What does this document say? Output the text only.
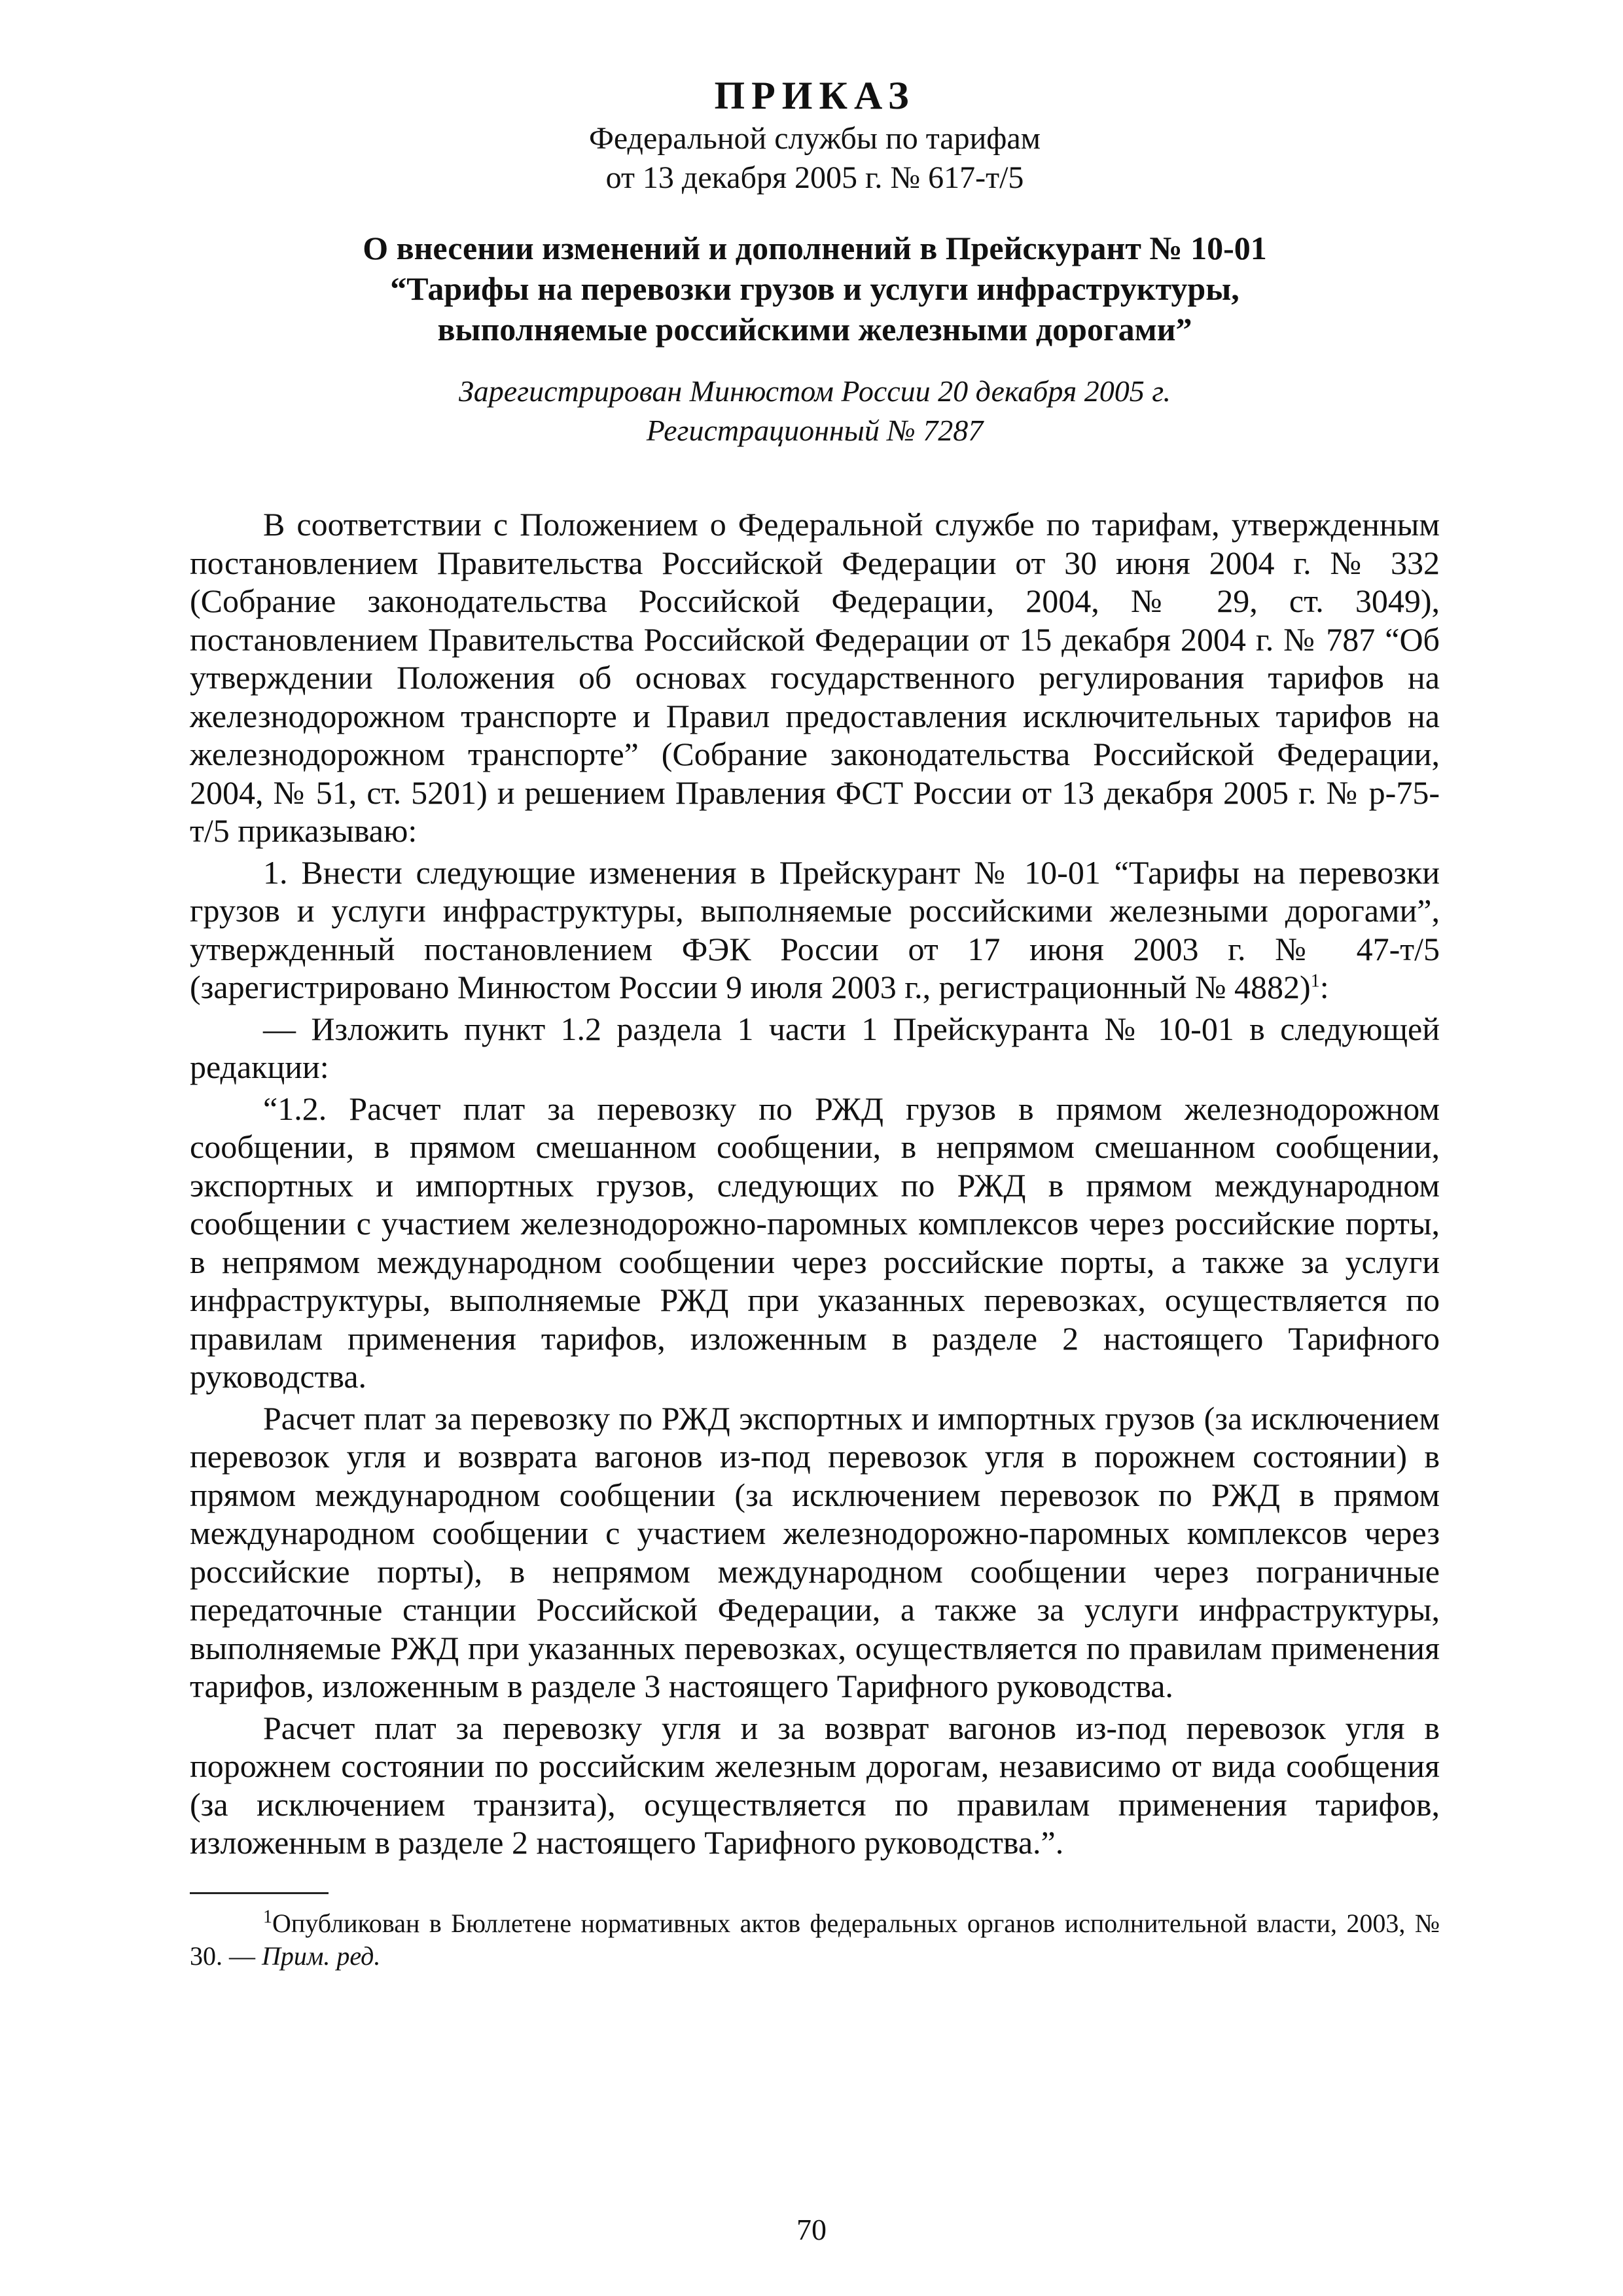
ПРИКАЗ

Федеральной службы по тарифам

от 13 декабря 2005 г. № 617-т/5

О внесении изменений и дополнений в Прейскурант № 10-01
“Тарифы на перевозки грузов и услуги инфраструктуры,
выполняемые российскими железными дорогами”
Зарегистрирован Минюстом России 20 декабря 2005 г.
Регистрационный № 7287

В соответствии с Положением о Федеральной службе по тарифам, утвержденным постановлением Правительства Российской Федерации от 30 июня 2004 г. № 332 (Собрание законодательства Российской Федерации, 2004, № 29, ст. 3049), постановлением Правительства Российской Федерации от 15 декабря 2004 г. № 787 “Об утверждении Положения об основах государственного регулирования тарифов на железнодорожном транспорте и Правил предоставления исключительных тарифов на железнодорожном транспорте” (Собрание законодательства Российской Федерации, 2004, № 51, ст. 5201) и решением Правления ФСТ России от 13 декабря 2005 г. № р-75-т/5 приказываю:

1. Внести следующие изменения в Прейскурант № 10-01 “Тарифы на перевозки грузов и услуги инфраструктуры, выполняемые российскими железными дорогами”, утвержденный постановлением ФЭК России от 17 июня 2003 г. № 47-т/5 (зарегистрировано Минюстом России 9 июля 2003 г., регистрационный № 4882)$^1$:

— Изложить пункт 1.2 раздела 1 части 1 Прейскуранта № 10-01 в следующей редакции:

“1.2. Расчет плат за перевозку по РЖД грузов в прямом железнодорожном сообщении, в прямом смешанном сообщении, в непрямом смешанном сообщении, экспортных и импортных грузов, следующих по РЖД в прямом международном сообщении с участием железнодорожно-паромных комплексов через российские порты, в непрямом международном сообщении через российские порты, а также за услуги инфраструктуры, выполняемые РЖД при указанных перевозках, осуществляется по правилам применения тарифов, изложенным в разделе 2 настоящего Тарифного руководства.

Расчет плат за перевозку по РЖД экспортных и импортных грузов (за исключением перевозок угля и возврата вагонов из-под перевозок угля в порожнем состоянии) в прямом международном сообщении (за исключением перевозок по РЖД в прямом международном сообщении с участием железнодорожно-паромных комплексов через российские порты), в непрямом международном сообщении через пограничные передаточные станции Российской Федерации, а также за услуги инфраструктуры, выполняемые РЖД при указанных перевозках, осуществляется по правилам применения тарифов, изложенным в разделе 3 настоящего Тарифного руководства.

Расчет плат за перевозку угля и за возврат вагонов из-под перевозок угля в порожнем состоянии по российским железным дорогам, независимо от вида сообщения (за исключением транзита), осуществляется по правилам применения тарифов, изложенным в разделе 2 настоящего Тарифного руководства.”.

$^1$Опубликован в Бюллетене нормативных актов федеральных органов исполнительной власти, 2003, № 30. — Прим. ред.

70
